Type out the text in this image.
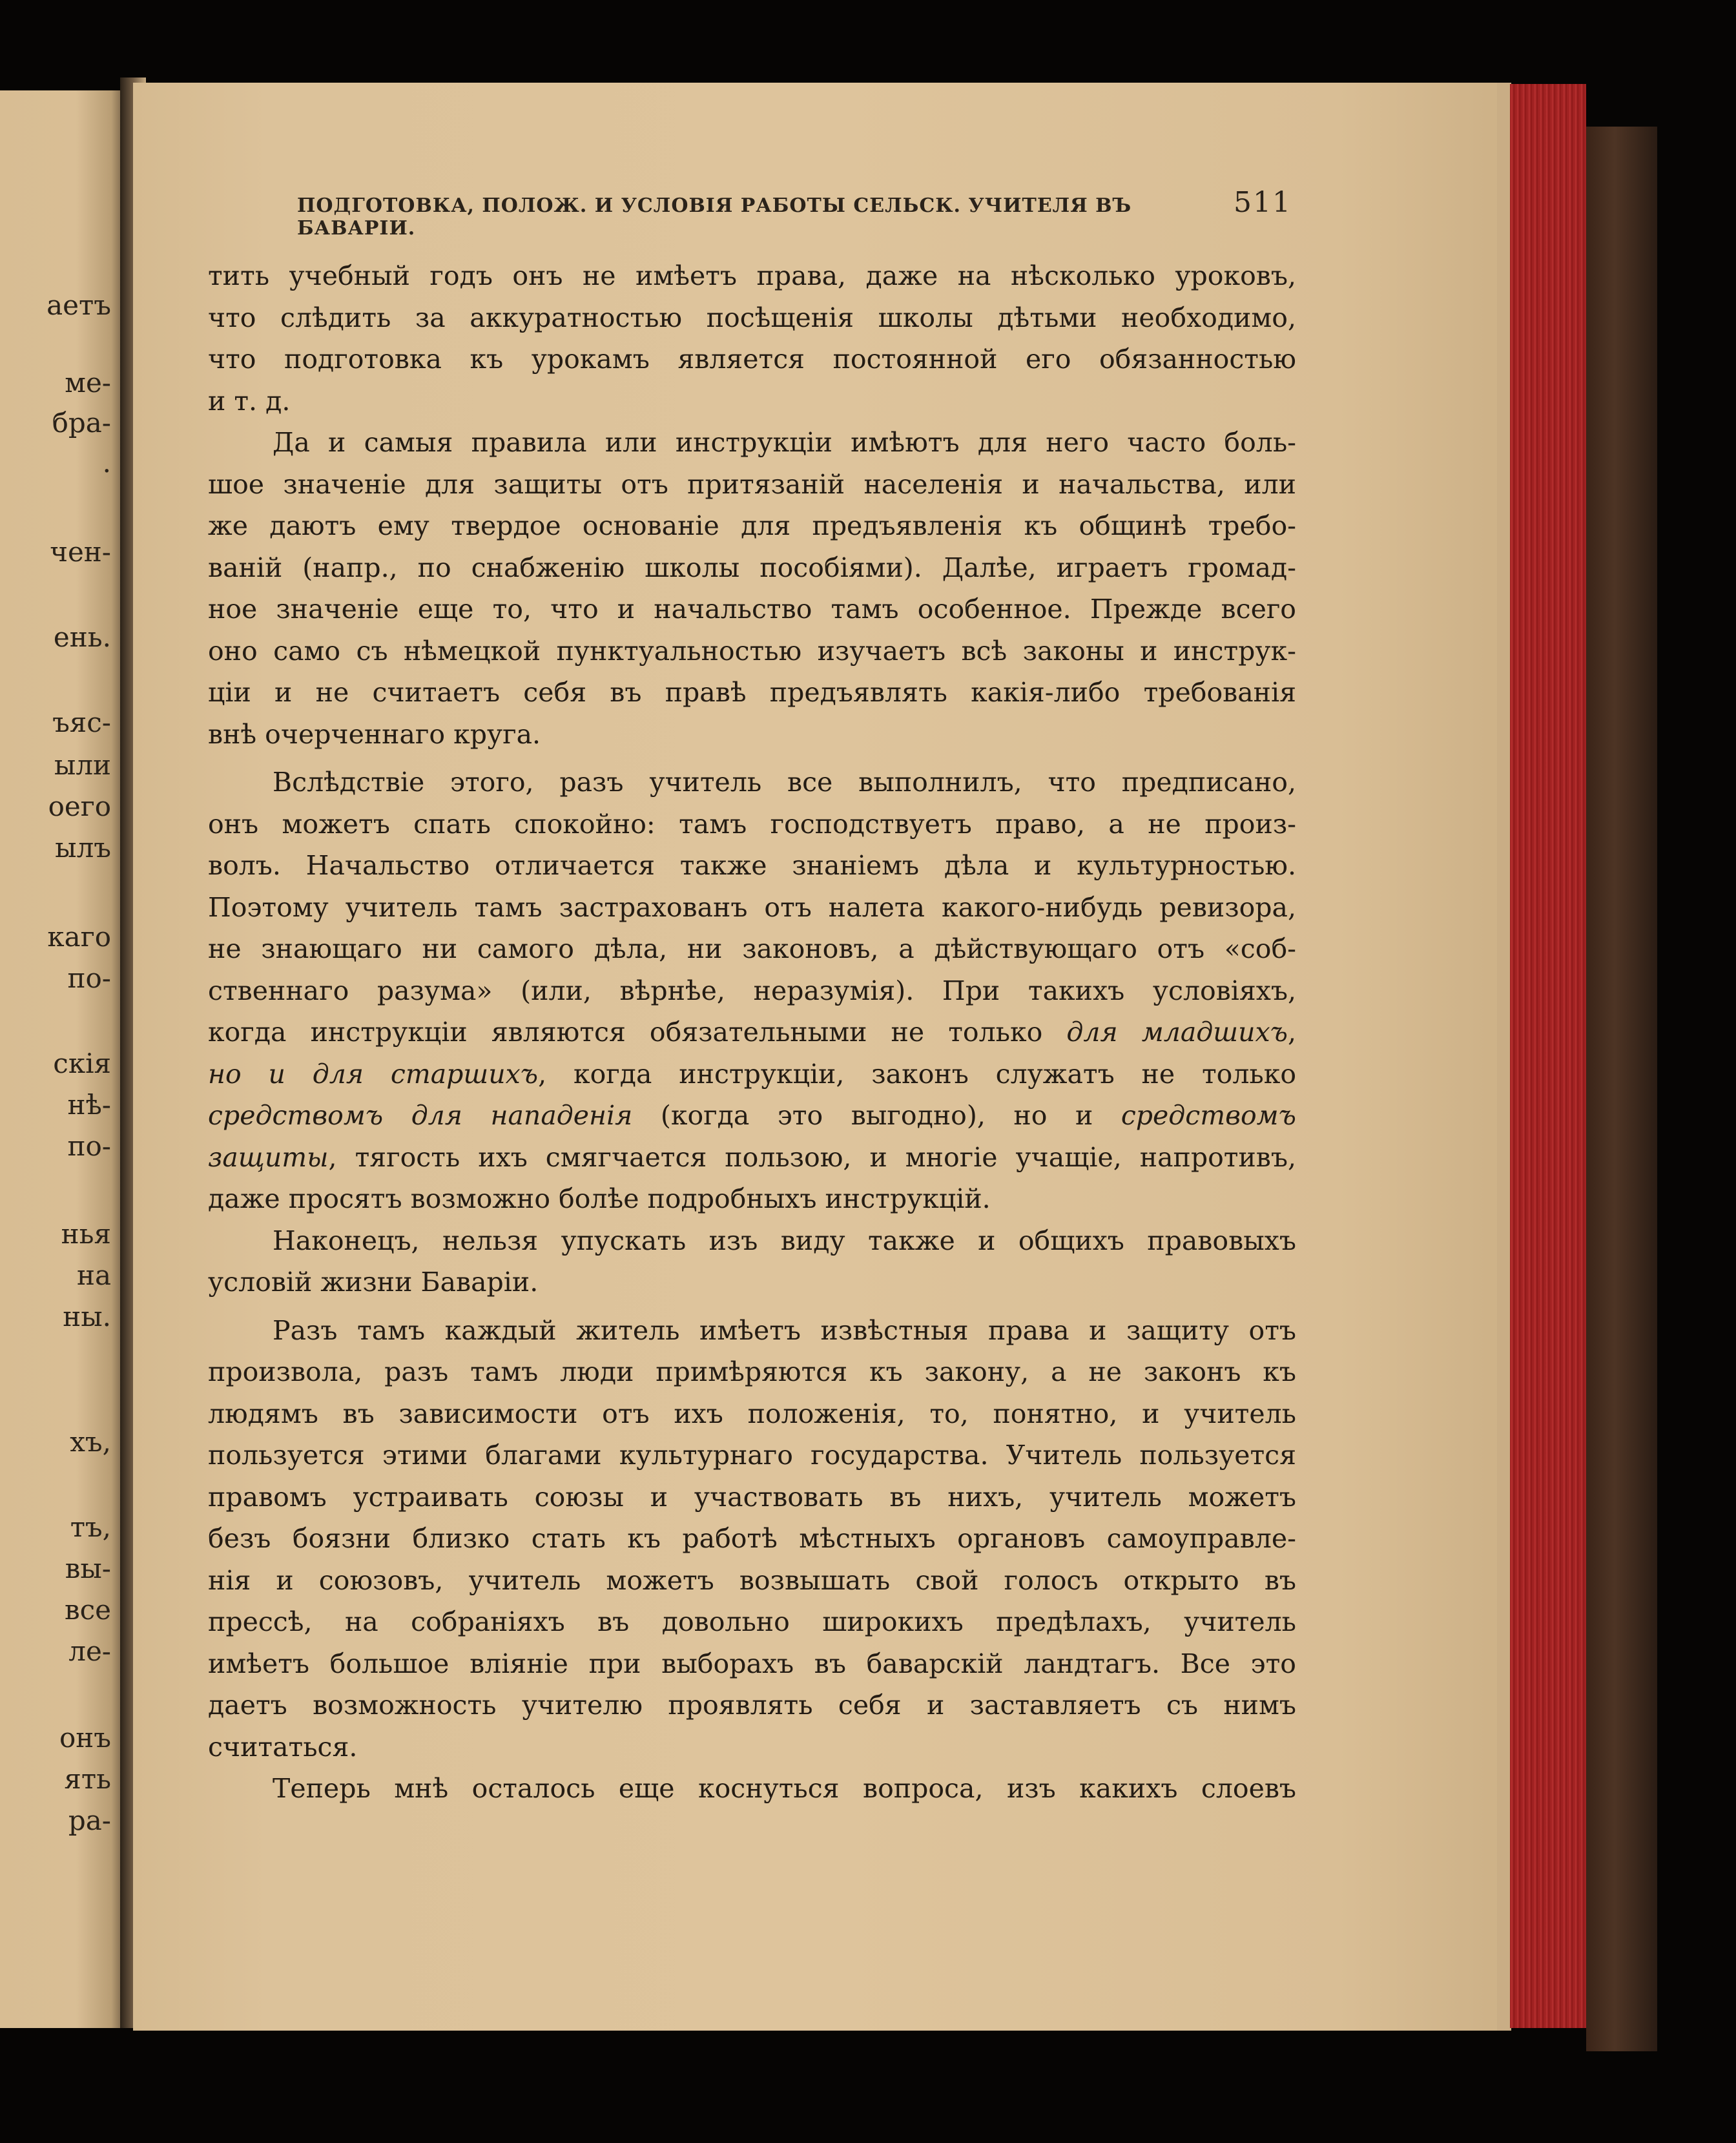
аетъ
ме-
бра-
.
чен-
ень.
ъяс-
ыли
оего
ылъ
каго
по-
скія
нѣ-
по-
нья
на
ны.
хъ,
тъ,
вы-
все
ле-
онъ
ять
ра-
ПОДГОТОВКА, ПОЛОЖ. И УСЛОВІЯ РАБОТЫ СЕЛЬСК. УЧИТЕЛЯ ВЪ БАВАРІИ.
511
тить учебный годъ онъ не имѣетъ права, даже на нѣсколько уроковъ,
что слѣдить за аккуратностью посѣщенія школы дѣтьми необходимо,
что подготовка къ урокамъ является постоянной его обязанностью
и т. д.
Да и самыя правила или инструкціи имѣютъ для него часто боль-
шое значеніе для защиты отъ притязаній населенія и начальства, или
же даютъ ему твердое основаніе для предъявленія къ общинѣ требо-
ваній (напр., по снабженію школы пособіями). Далѣе, играетъ громад-
ное значеніе еще то, что и начальство тамъ особенное. Прежде всего
оно само съ нѣмецкой пунктуальностью изучаетъ всѣ законы и инструк-
ціи и не считаетъ себя въ правѣ предъявлять какія-либо требованія
внѣ очерченнаго круга.
Вслѣдствіе этого, разъ учитель все выполнилъ, что предписано,
онъ можетъ спать спокойно: тамъ господствуетъ право, а не произ-
волъ. Начальство отличается также знаніемъ дѣла и культурностью.
Поэтому учитель тамъ застрахованъ отъ налета какого-нибудь ревизора,
не знающаго ни самого дѣла, ни законовъ, а дѣйствующаго отъ «соб-
ственнаго разума» (или, вѣрнѣе, неразумія). При такихъ условіяхъ,
когда инструкціи являются обязательными не только для младшихъ,
но и для старшихъ, когда инструкціи, законъ служатъ не только
средствомъ для нападенія (когда это выгодно), но и средствомъ
защиты, тягость ихъ смягчается пользою, и многіе учащіе, напротивъ,
даже просятъ возможно болѣе подробныхъ инструкцій.
Наконецъ, нельзя упускать изъ виду также и общихъ правовыхъ
условій жизни Баваріи.
Разъ тамъ каждый житель имѣетъ извѣстныя права и защиту отъ
произвола, разъ тамъ люди примѣряются къ закону, а не законъ къ
людямъ въ зависимости отъ ихъ положенія, то, понятно, и учитель
пользуется этими благами культурнаго государства. Учитель пользуется
правомъ устраивать союзы и участвовать въ нихъ, учитель можетъ
безъ боязни близко стать къ работѣ мѣстныхъ органовъ самоуправле-
нія и союзовъ, учитель можетъ возвышать свой голосъ открыто въ
прессѣ, на собраніяхъ въ довольно широкихъ предѣлахъ, учитель
имѣетъ большое вліяніе при выборахъ въ баварскій ландтагъ. Все это
даетъ возможность учителю проявлять себя и заставляетъ съ нимъ
считаться.
Теперь мнѣ осталось еще коснуться вопроса, изъ какихъ слоевъ
